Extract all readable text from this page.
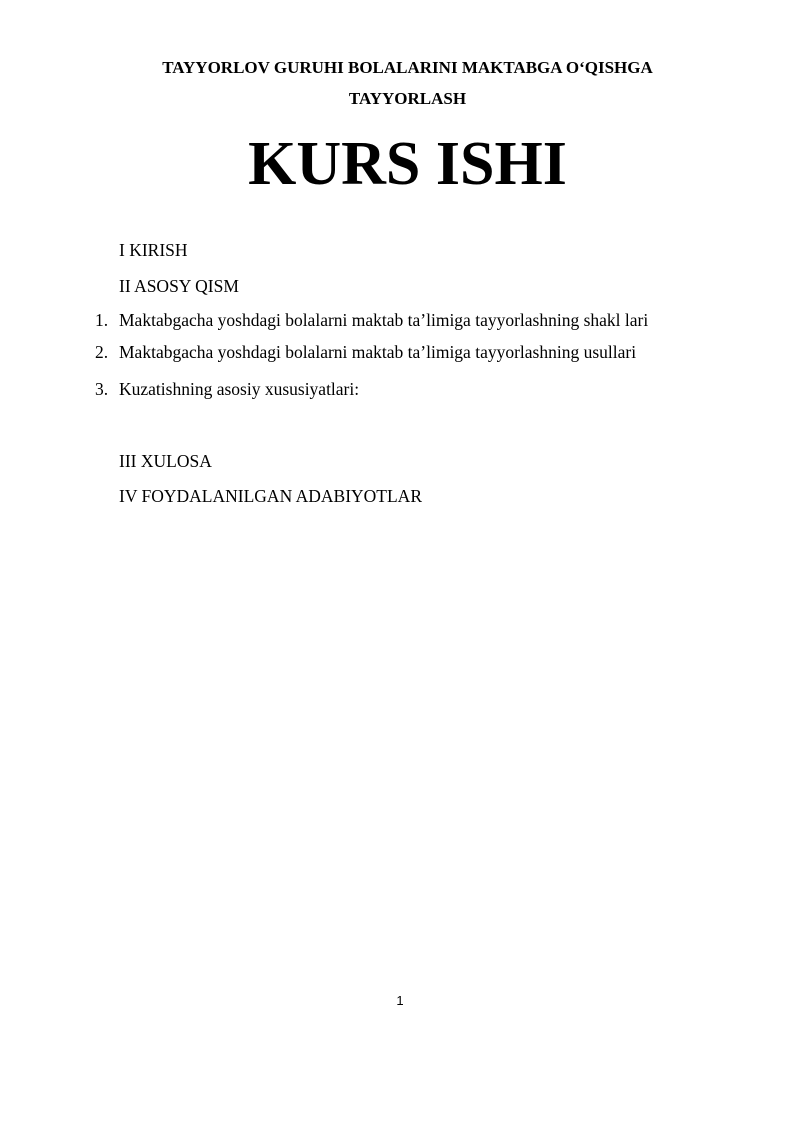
TAYYORLOV GURUHI BOLALARINI MAKTABGA O‘QISHGA
TAYYORLASH
KURS ISHI
I KIRISH
II ASOSY QISM
1. Maktabgacha yoshdagi bolalarni maktab ta’limiga tayyorlashning shakl lari
2. Maktabgacha yoshdagi bolalarni maktab ta’limiga tayyorlashning usullari
3. Kuzatishning asosiy xususiyatlari:
III XULOSA
IV FOYDALANILGAN ADABIYOTLAR
1
